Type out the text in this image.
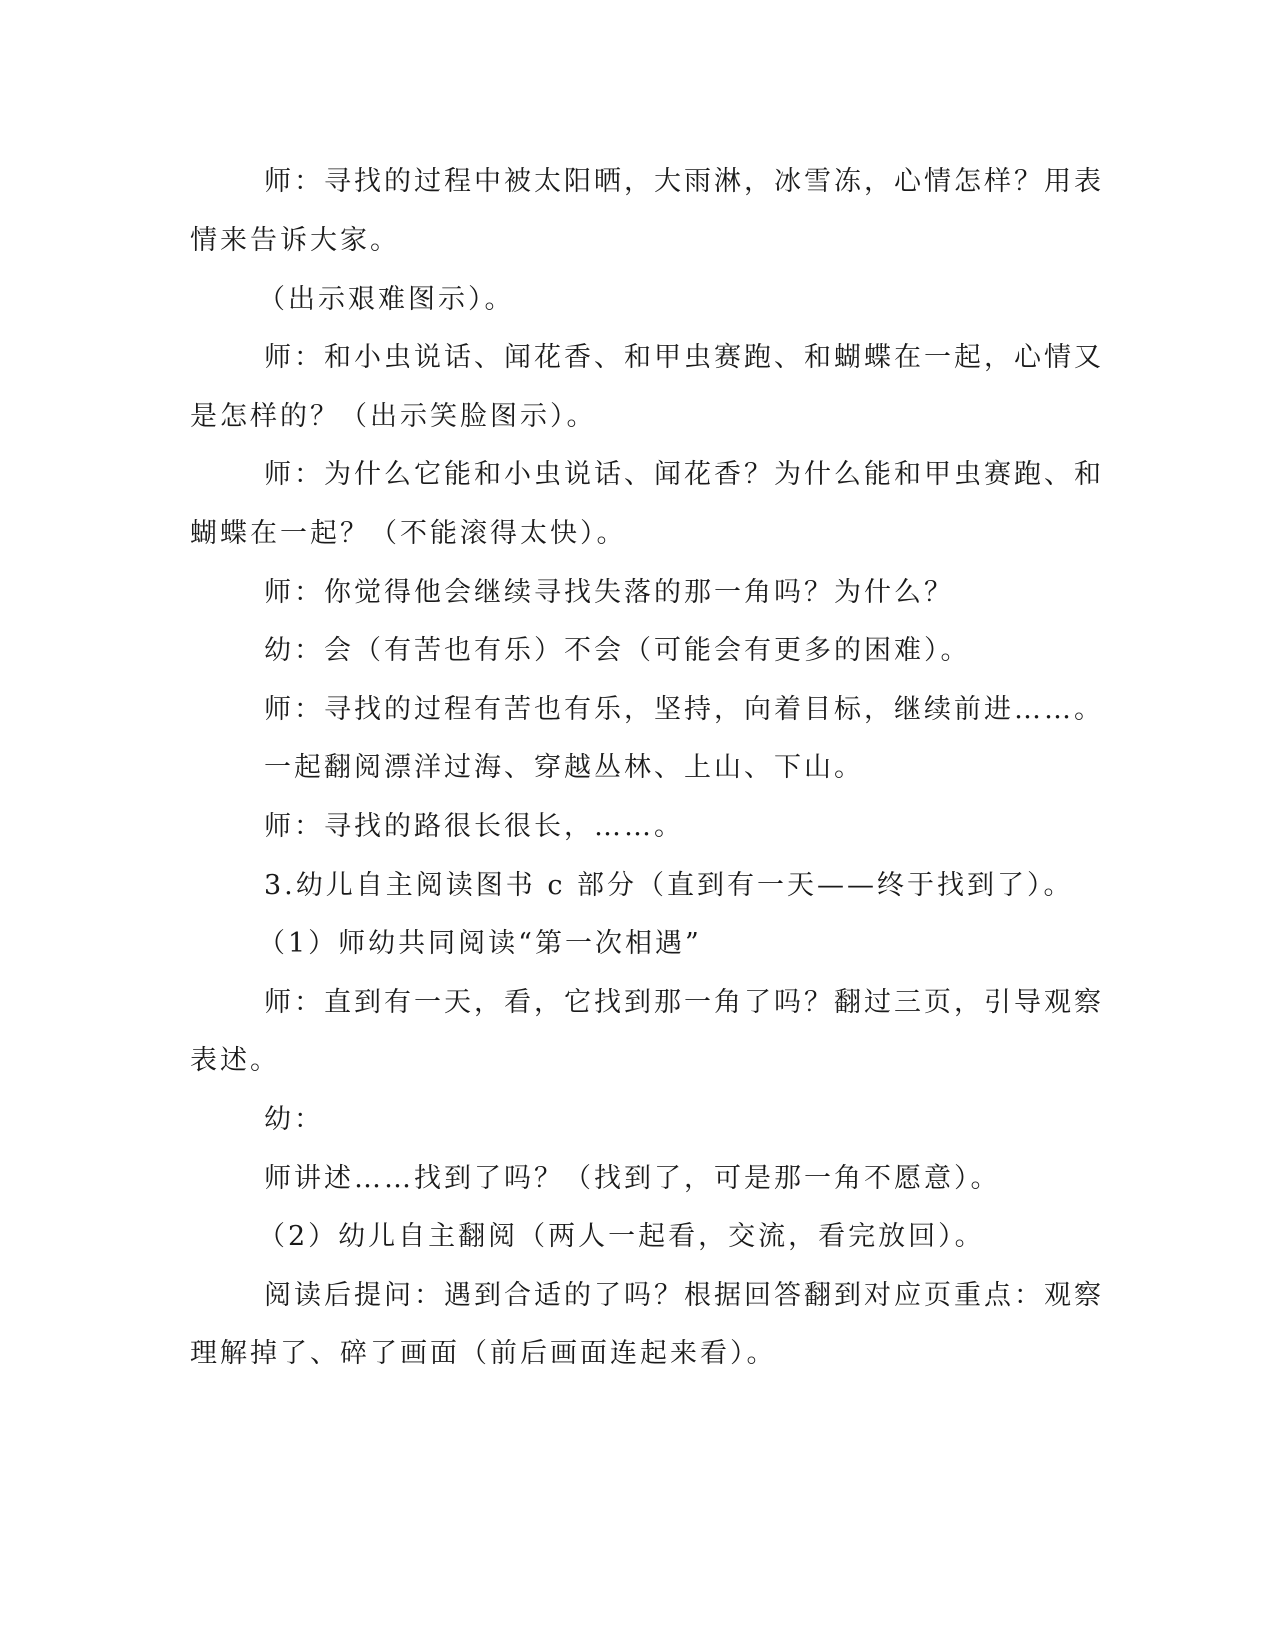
师：寻找的过程中被太阳晒，大雨淋，冰雪冻，心情怎样？用表
情来告诉大家。
（出示艰难图示）。
师：和小虫说话、闻花香、和甲虫赛跑、和蝴蝶在一起，心情又
是怎样的？（出示笑脸图示）。
师：为什么它能和小虫说话、闻花香？为什么能和甲虫赛跑、和
蝴蝶在一起？（不能滚得太快）。
师：你觉得他会继续寻找失落的那一角吗？为什么？
幼：会（有苦也有乐）不会（可能会有更多的困难）。
师：寻找的过程有苦也有乐，坚持，向着目标，继续前进……。
一起翻阅漂洋过海、穿越丛林、上山、下山。
师：寻找的路很长很长，……。
3.幼儿自主阅读图书 c 部分（直到有一天——终于找到了）。
（1）师幼共同阅读“第一次相遇”
师：直到有一天，看，它找到那一角了吗？翻过三页，引导观察
表述。
幼：
师讲述……找到了吗？（找到了，可是那一角不愿意）。
（2）幼儿自主翻阅（两人一起看，交流，看完放回）。
阅读后提问：遇到合适的了吗？根据回答翻到对应页重点：观察
理解掉了、碎了画面（前后画面连起来看）。
